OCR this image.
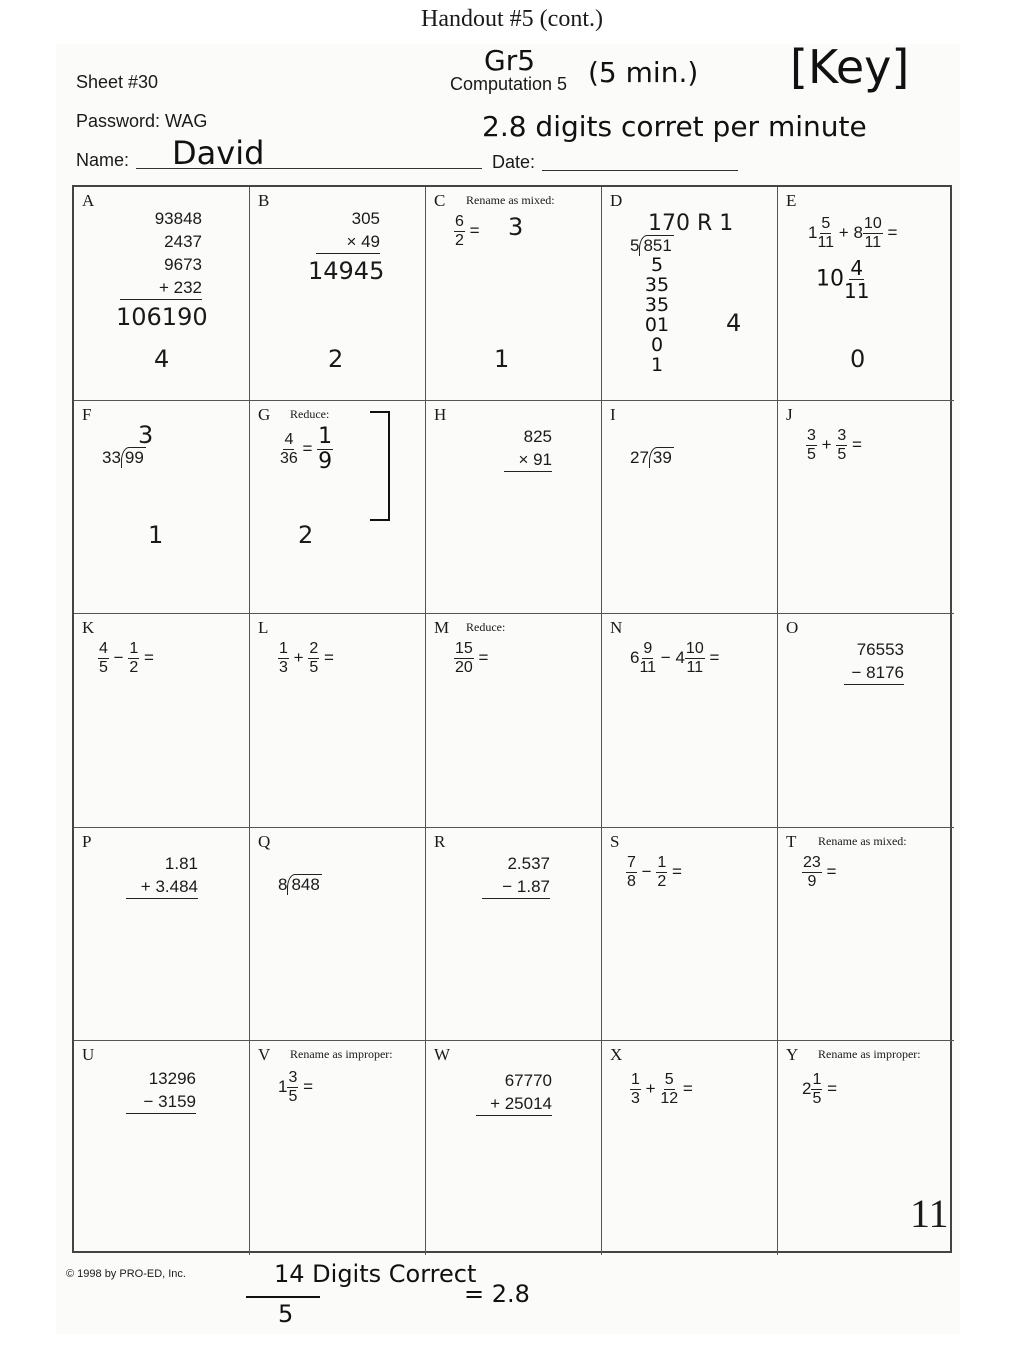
Handout #5 (cont.)
Sheet #30
Password: WAG
Name: David
Computation 5
Date:
Gr5 (5 min.) [Key]
2.8 digits corret per minute
A
93848
2437
9673
+ 232
106190
4
B
305
× 49
14945
2
C Rename as mixed:
$\frac{6}{2} = 3$
1
D
170 R 1
5 851
5
35
35
01
0
1
4
E
$1 \frac{5}{11} + 8 \frac{10}{11}$ =
$10 \frac{4}{11}$
0
F
3
33 99
1
G Reduce:
$\frac{4}{36} = \frac{1}{9}$
2
H
825
× 91
I
27 39
J
$\frac{3}{5} + \frac{3}{5}$ =
K
$\frac{4}{5} - \frac{1}{2}$ =
L
$\frac{1}{3} + \frac{2}{5}$ =
M Reduce:
$\frac{15}{20}$ =
N
$6 \frac{9}{11} - 4 \frac{10}{11}$ =
O
76553
− 8176
P
1.81
+ 3.484
Q
8 848
R
2.537
− 1.87
S
$\frac{7}{8} - \frac{1}{2}$ =
T Rename as mixed:
$\frac{23}{9}$ =
U
13296
− 3159
V Rename as improper:
$1 \frac{3}{5}$ =
W
67770
+ 25014
X
$\frac{1}{3} + \frac{5}{12}$ =
Y Rename as improper:
$2 \frac{1}{5}$ =
11
© 1998 by PRO-ED, Inc.	14 Digits Correct
5
= 2.8
